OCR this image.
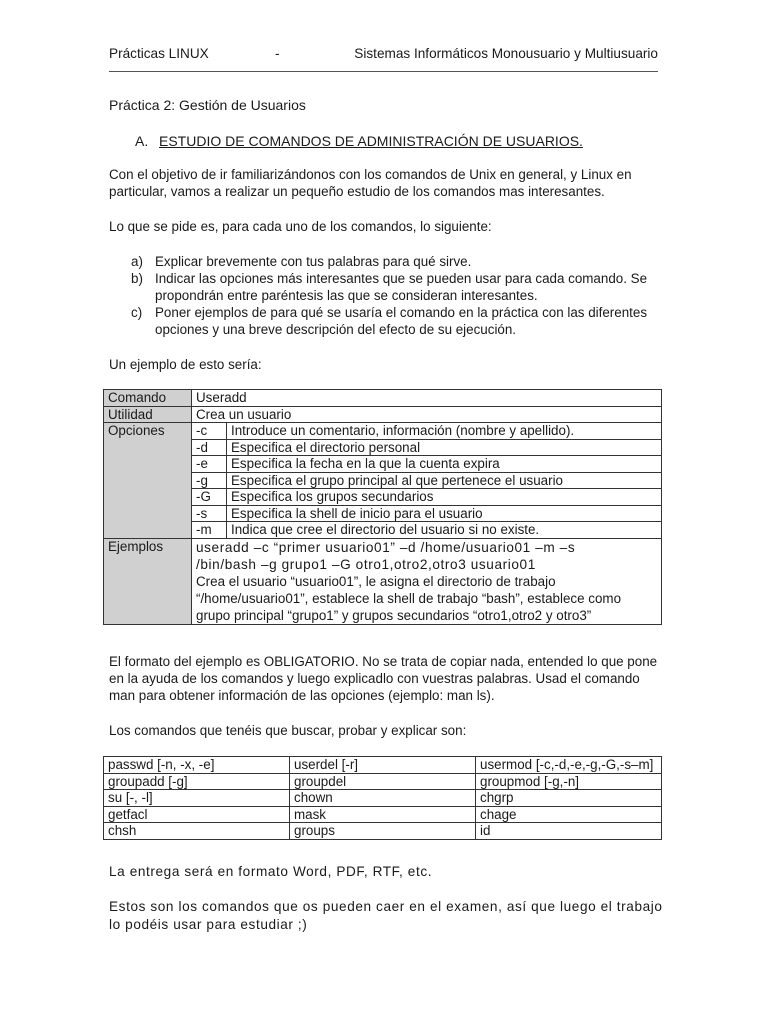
Prácticas LINUX	-	Sistemas Informáticos Monousuario y Multiusuario
Práctica 2: Gestión de Usuarios
A. ESTUDIO DE COMANDOS DE ADMINISTRACIÓN DE USUARIOS.
Con el objetivo de ir familiarizándonos con los comandos de Unix en general, y Linux en particular, vamos a realizar un pequeño estudio de los comandos mas interesantes.
Lo que se pide es, para cada uno de los comandos, lo siguiente:
a) Explicar brevemente con tus palabras para qué sirve.
b) Indicar las opciones más interesantes que se pueden usar para cada comando. Se propondrán entre paréntesis las que se consideran interesantes.
c) Poner ejemplos de para qué se usaría el comando en la práctica con las diferentes opciones y una breve descripción del efecto de su ejecución.
Un ejemplo de esto sería:
Comando	Useradd	
Utilidad	Crea un usuario	
Opciones	-c	Introduce un comentario, información (nombre y apellido).
	-d	Especifica el directorio personal
	-e	Especifica la fecha en la que la cuenta expira
	-g	Especifica el grupo principal al que pertenece el usuario
	-G	Especifica los grupos secundarios
	-s	Especifica la shell de inicio para el usuario
	-m	Indica que cree el directorio del usuario si no existe.
Ejemplos	useradd –c “primer usuario01” –d /home/usuario01 –m –s
/bin/bash –g grupo1 –G otro1,otro2,otro3 usuario01
Crea el usuario “usuario01”, le asigna el directorio de trabajo “/home/usuario01”, establece la shell de trabajo “bash”, establece como grupo principal “grupo1” y grupos secundarios “otro1,otro2 y otro3”	
El formato del ejemplo es OBLIGATORIO. No se trata de copiar nada, entended lo que pone en la ayuda de los comandos y luego explicadlo con vuestras palabras. Usad el comando man para obtener información de las opciones (ejemplo: man ls).
Los comandos que tenéis que buscar, probar y explicar son:
passwd [-n, -x, -e]	userdel [-r]	usermod [-c,-d,-e,-g,-G,-s–m]
groupadd [-g]	groupdel	groupmod [-g,-n]
su [-, -l]	chown	chgrp
getfacl	mask	chage
chsh	groups	id
La entrega será en formato Word, PDF, RTF, etc.
Estos son los comandos que os pueden caer en el examen, así que luego el trabajo lo podéis usar para estudiar ;)
